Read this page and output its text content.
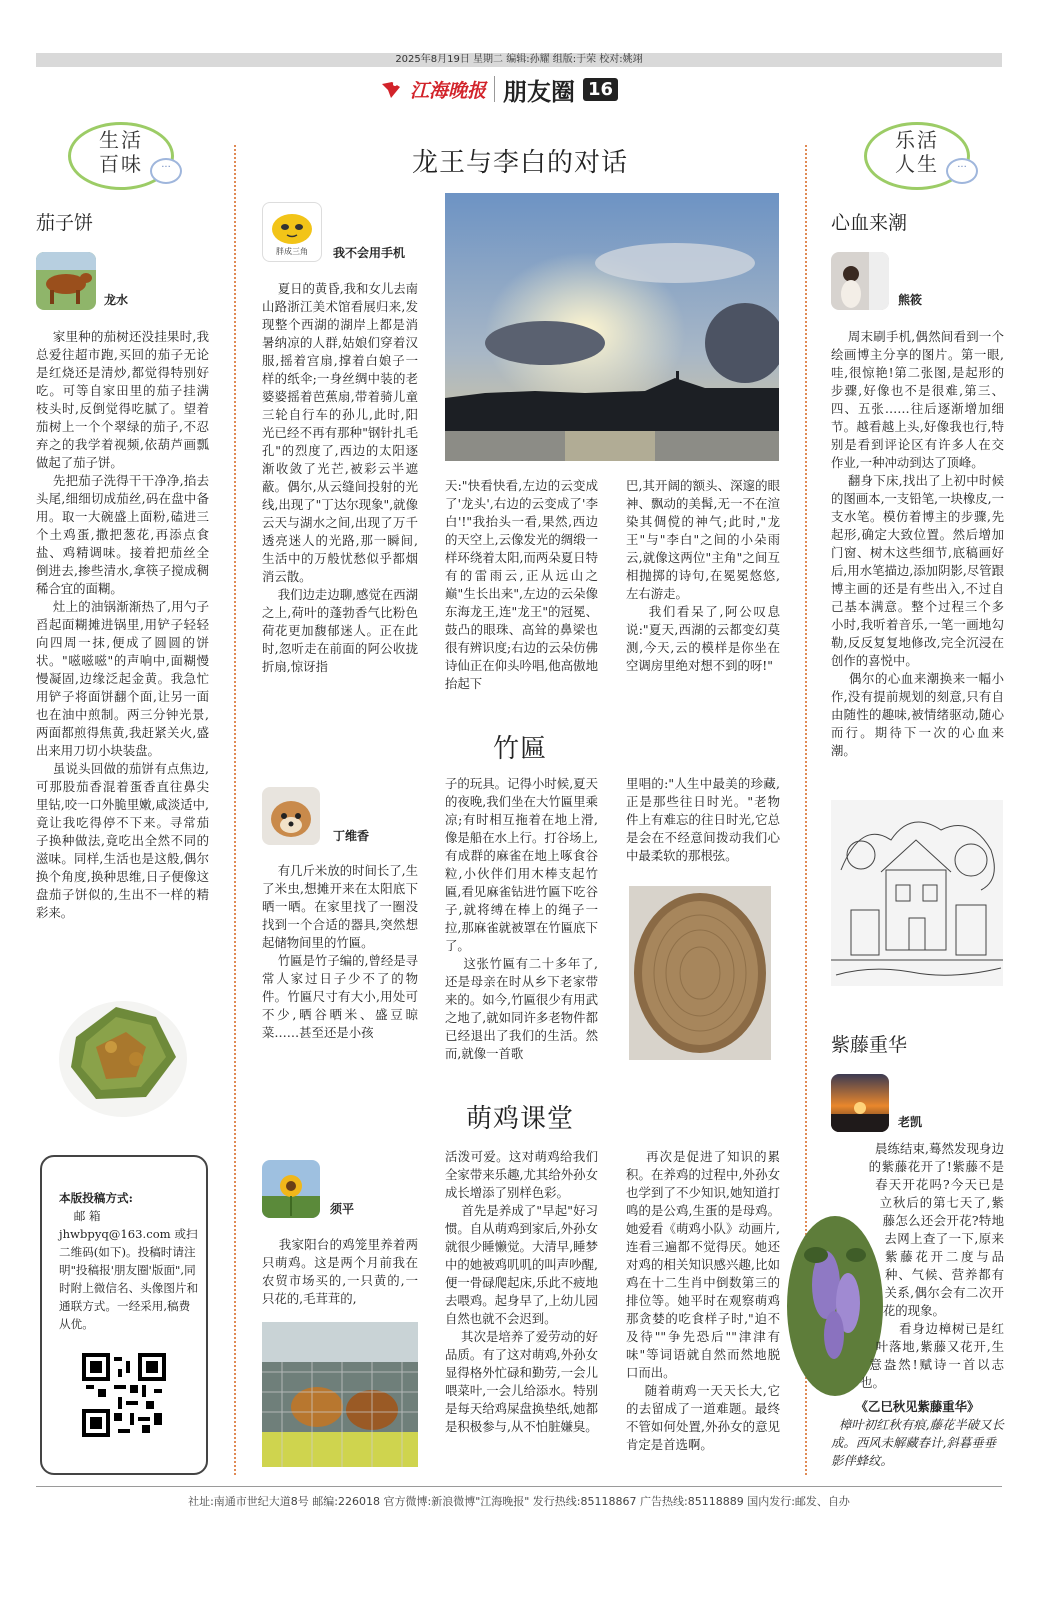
2025年8月19日 星期二 编辑:孙耀 组版:于荣 校对:姚翊
江海晚报 朋友圈 16
生活
百味	···
茄子饼
龙水

家里种的茄树还没挂果时,我总爱往超市跑,买回的茄子无论是红烧还是清炒,都觉得特别好吃。可等自家田里的茄子挂满枝头时,反倒觉得吃腻了。望着茄树上一个个翠绿的茄子,不忍弃之的我学着视频,依葫芦画瓢做起了茄子饼。
先把茄子洗得干干净净,掐去头尾,细细切成茄丝,码在盘中备用。取一大碗盛上面粉,磕进三个土鸡蛋,撒把葱花,再添点食盐、鸡精调味。接着把茄丝全倒进去,掺些清水,拿筷子搅成稠稀合宜的面糊。
灶上的油锅渐渐热了,用勺子舀起面糊摊进锅里,用铲子轻轻向四周一抹,便成了圆圆的饼状。"嗞嗞嗞"的声响中,面糊慢慢凝固,边缘泛起金黄。我急忙用铲子将面饼翻个面,让另一面也在油中煎制。两三分钟光景,两面都煎得焦黄,我赶紧关火,盛出来用刀切小块装盘。
虽说头回做的茄饼有点焦边,可那股茄香混着蛋香直往鼻尖里钻,咬一口外脆里嫩,咸淡适中,竟让我吃得停不下来。寻常茄子换种做法,竟吃出全然不同的滋味。同样,生活也是这般,偶尔换个角度,换种思维,日子便像这盘茄子饼似的,生出不一样的精彩来。

本版投稿方式:
邮 箱 jhwbpyq@163.com 或扫二维码(如下)。投稿时请注明"投稿报'朋友圈'版面",同时附上微信名、头像图片和通联方式。一经采用,稿费从优。
龙王与李白的对话
胖成三角	我不会用手机

夏日的黄昏,我和女儿去南山路浙江美术馆看展归来,发现整个西湖的湖岸上都是消暑纳凉的人群,姑娘们穿着汉服,摇着宫扇,撑着白娘子一样的纸伞;一身丝绸中装的老婆婆摇着芭蕉扇,带着骑儿童三轮自行车的孙儿,此时,阳光已经不再有那种"钢针扎毛孔"的烈度了,西边的太阳逐渐收敛了光芒,被彩云半遮蔽。偶尔,从云缝间投射的光线,出现了"丁达尔现象",就像云天与湖水之间,出现了万千透亮迷人的光路,那一瞬间,生活中的万般忧愁似乎都烟消云散。
我们边走边聊,感觉在西湖之上,荷叶的蓬勃香气比粉色荷花更加馥郁迷人。正在此时,忽听走在前面的阿公收拢折扇,惊讶指

天:"快看快看,左边的云变成了'龙头',右边的云变成了'李白'!"我抬头一看,果然,西边的天空上,云像发光的绸缎一样环绕着太阳,而两朵夏日特有的雷雨云,正从远山之巅"生长出来",左边的云朵像东海龙王,连"龙王"的冠冕、鼓凸的眼珠、高耸的鼻梁也很有辨识度;右边的云朵仿佛诗仙正在仰头吟唱,他高傲地抬起下

巴,其开阔的额头、深邃的眼神、飘动的美髯,无一不在渲染其倜傥的神气;此时,"龙王"与"李白"之间的小朵雨云,就像这两位"主角"之间互相抛掷的诗句,在冕冕悠悠,左右游走。
我们看呆了,阿公叹息说:"夏天,西湖的云都变幻莫测,今天,云的模样是你坐在空调房里绝对想不到的呀!"

竹匾
丁维香

有几斤米放的时间长了,生了米虫,想摊开来在太阳底下晒一晒。在家里找了一圈没找到一个合适的器具,突然想起储物间里的竹匾。
竹匾是竹子编的,曾经是寻常人家过日子少不了的物件。竹匾尺寸有大小,用处可不少,晒谷晒米、盛豆晾菜……甚至还是小孩

子的玩具。记得小时候,夏天的夜晚,我们坐在大竹匾里乘凉;有时相互拖着在地上滑,像是船在水上行。打谷场上,有成群的麻雀在地上啄食谷粒,小伙伴们用木棒支起竹匾,看见麻雀钻进竹匾下吃谷子,就将缚在棒上的绳子一拉,那麻雀就被罩在竹匾底下了。
这张竹匾有二十多年了,还是母亲在时从乡下老家带来的。如今,竹匾很少有用武之地了,就如同许多老物件都已经退出了我们的生活。然而,就像一首歌

里唱的:"人生中最美的珍藏,正是那些往日时光。"老物件上有难忘的往日时光,它总是会在不经意间拨动我们心中最柔软的那根弦。

萌鸡课堂
须平

我家阳台的鸡笼里养着两只萌鸡。这是两个月前我在农贸市场买的,一只黄的,一只花的,毛茸茸的,

活泼可爱。这对萌鸡给我们全家带来乐趣,尤其给外孙女成长增添了别样色彩。
首先是养成了"早起"好习惯。自从萌鸡到家后,外孙女就很少睡懒觉。大清早,睡梦中的她被鸡叽叽的叫声吵醒,便一骨碌爬起床,乐此不疲地去喂鸡。起身早了,上幼儿园自然也就不会迟到。
其次是培养了爱劳动的好品质。有了这对萌鸡,外孙女显得格外忙碌和勤劳,一会儿喂菜叶,一会儿给添水。特别是每天给鸡屎盘换垫纸,她都是积极参与,从不怕脏嫌臭。

再次是促进了知识的累积。在养鸡的过程中,外孙女也学到了不少知识,她知道打鸣的是公鸡,生蛋的是母鸡。她爱看《萌鸡小队》动画片,连看三遍都不觉得厌。她还对鸡的相关知识感兴趣,比如鸡在十二生肖中倒数第三的排位等。她平时在观察萌鸡那贪婪的吃食样子时,"迫不及待""争先恐后""津津有味"等词语就自然而然地脱口而出。
随着萌鸡一天天长大,它的去留成了一道难题。最终不管如何处置,外孙女的意见肯定是首选啊。

乐活
人生	···
心血来潮
熊筱

周末刷手机,偶然间看到一个绘画博主分享的图片。第一眼,哇,很惊艳!第二张图,是起形的步骤,好像也不是很难,第三、四、五张……往后逐渐增加细节。越看越上头,好像我也行,特别是看到评论区有许多人在交作业,一种冲动到达了顶峰。
翻身下床,找出了上初中时候的图画本,一支铅笔,一块橡皮,一支水笔。模仿着博主的步骤,先起形,确定大致位置。然后增加门窗、树木这些细节,底稿画好后,用水笔描边,添加阴影,尽管跟博主画的还是有些出入,不过自己基本满意。整个过程三个多小时,我听着音乐,一笔一画地勾勒,反反复复地修改,完全沉浸在创作的喜悦中。
偶尔的心血来潮换来一幅小作,没有提前规划的刻意,只有自由随性的趣味,被情绪驱动,随心而行。期待下一次的心血来潮。

紫藤重华
老凯

晨练结束,蓦然发现身边的紫藤花开了!紫藤不是春天开花吗?今天已是立秋后的第七天了,紫藤怎么还会开花?特地去网上查了一下,原来紫藤花开二度与品种、气候、营养都有关系,偶尔会有二次开花的现象。
看身边樟树已是红叶落地,紫藤又花开,生意盎然!赋诗一首以志也。

《乙巳秋见紫藤重华》
樟叶初红秋有痕,藤花半破又长成。西风未解藏春计,斜暮垂垂影伴蜂纹。
社址:南通市世纪大道8号 邮编:226018 官方微博:新浪微博"江海晚报" 发行热线:85118867 广告热线:85118889 国内发行:邮发、自办
